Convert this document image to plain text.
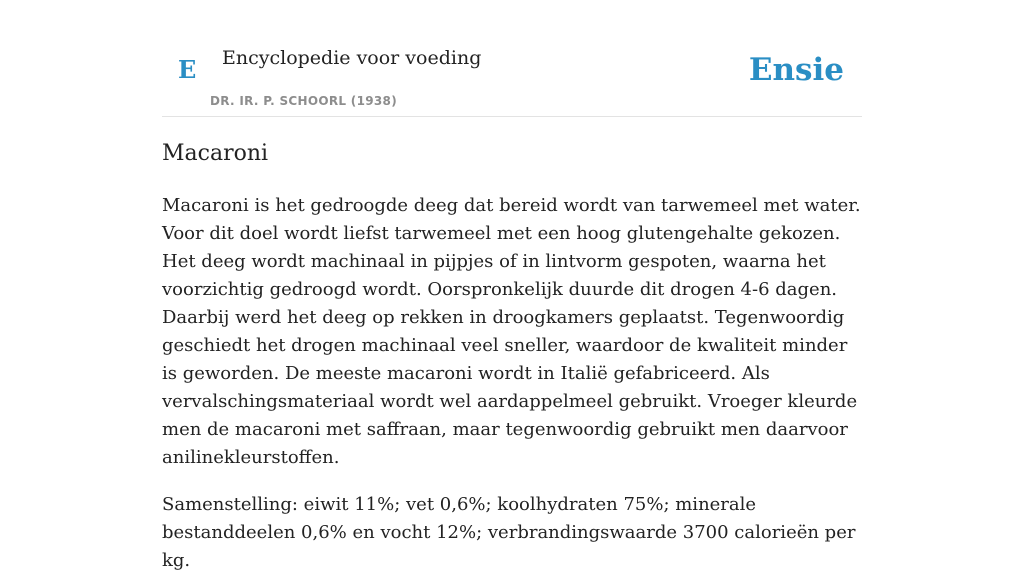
E Encyclopedie voor voeding
DR. IR. P. SCHOORL (1938)
Ensie
Macaroni

Macaroni is het gedroogde deeg dat bereid wordt van tarwemeel met water. Voor dit doel wordt liefst tarwemeel met een hoog glutengehalte gekozen. Het deeg wordt machinaal in pijpjes of in lintvorm gespoten, waarna het voorzichtig gedroogd wordt. Oorspronkelijk duurde dit drogen 4-6 dagen. Daarbij werd het deeg op rekken in droogkamers geplaatst. Tegenwoordig geschiedt het drogen machinaal veel sneller, waardoor de kwaliteit minder is geworden. De meeste macaroni wordt in Italië gefabriceerd. Als vervalschingsmateriaal wordt wel aardappelmeel gebruikt. Vroeger kleurde men de macaroni met saffraan, maar tegenwoordig gebruikt men daarvoor anilinekleurstoffen.

Samenstelling: eiwit 11%; vet 0,6%; koolhydraten 75%; minerale bestanddeelen 0,6% en vocht 12%; verbrandingswaarde 3700 calorieën per kg.
